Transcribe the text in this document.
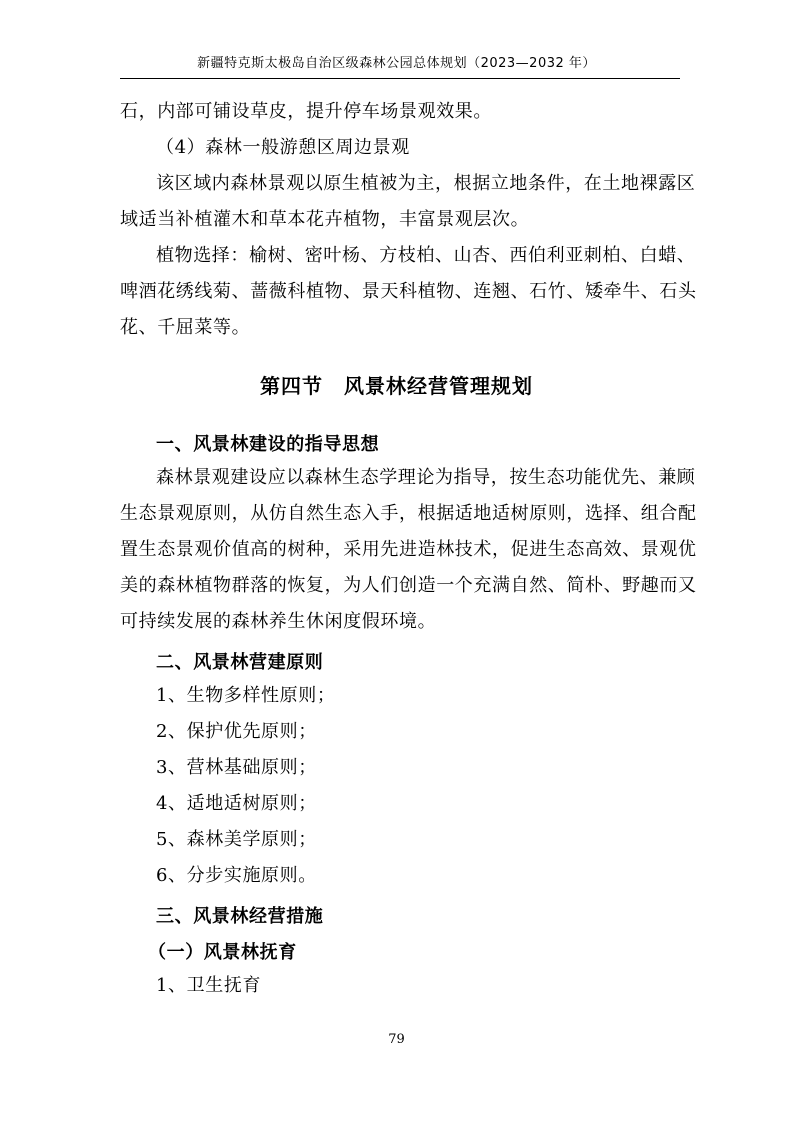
新疆特克斯太极岛自治区级森林公园总体规划（2023—2032 年）
石，内部可铺设草皮，提升停车场景观效果。
（4）森林一般游憩区周边景观
该区域内森林景观以原生植被为主，根据立地条件，在土地裸露区
域适当补植灌木和草本花卉植物，丰富景观层次。
植物选择：榆树、密叶杨、方枝柏、山杏、西伯利亚刺柏、白蜡、
啤酒花绣线菊、蔷薇科植物、景天科植物、连翘、石竹、矮牵牛、石头
花、千屈菜等。
第四节　风景林经营管理规划
一、风景林建设的指导思想
森林景观建设应以森林生态学理论为指导，按生态功能优先、兼顾
生态景观原则，从仿自然生态入手，根据适地适树原则，选择、组合配
置生态景观价值高的树种，采用先进造林技术，促进生态高效、景观优
美的森林植物群落的恢复，为人们创造一个充满自然、简朴、野趣而又
可持续发展的森林养生休闲度假环境。
二、风景林营建原则
1、生物多样性原则；
2、保护优先原则；
3、营林基础原则；
4、适地适树原则；
5、森林美学原则；
6、分步实施原则。
三、风景林经营措施
（一）风景林抚育
1、卫生抚育
79
